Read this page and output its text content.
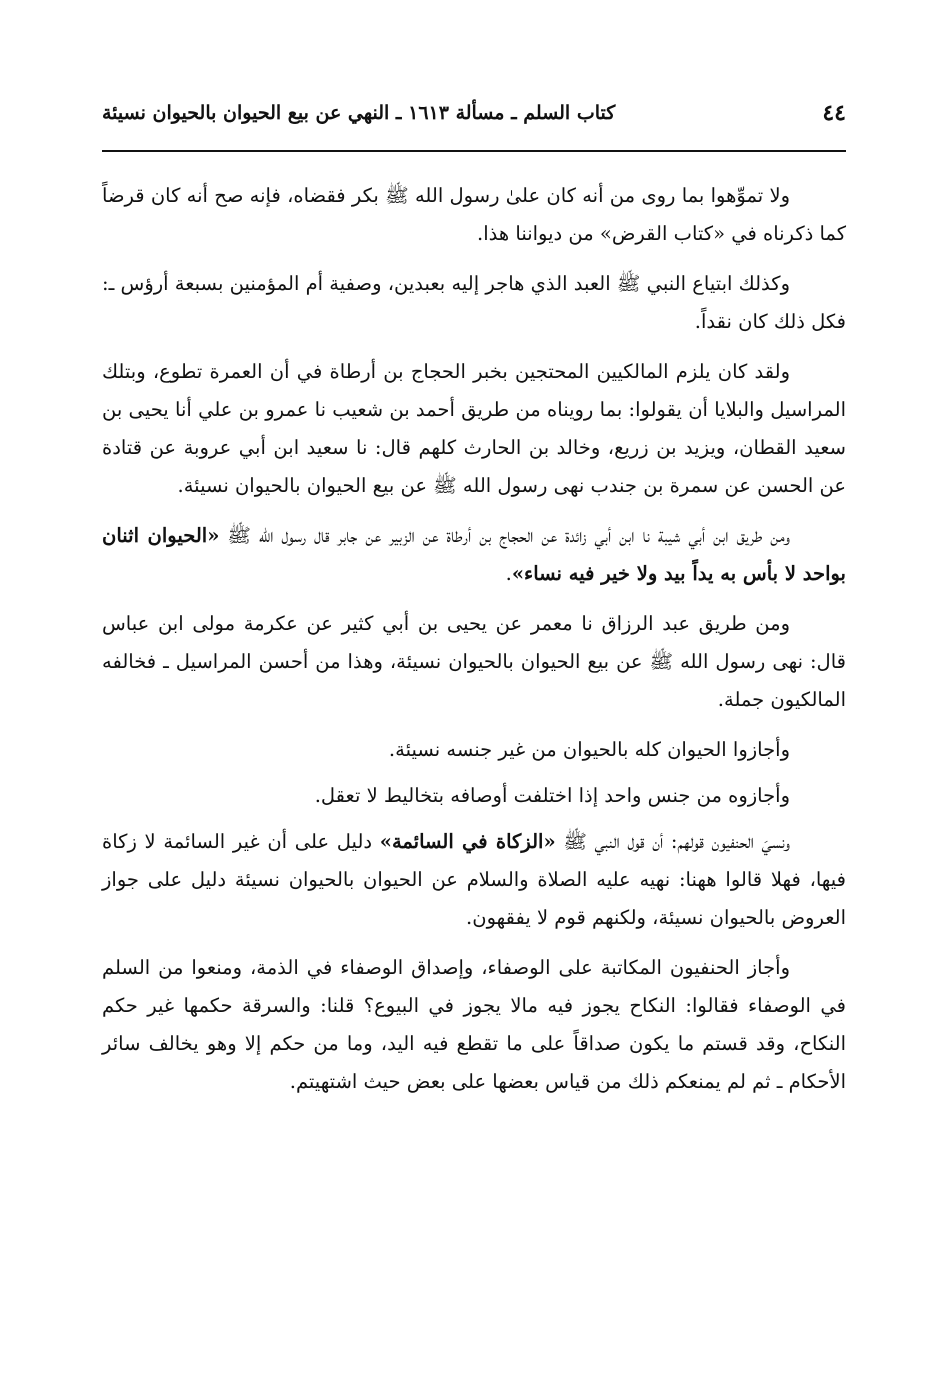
٤٤
كتاب السلم ـ مسألة ١٦١٣ ـ النهي عن بيع الحيوان بالحيوان نسيئة

ولا تموِّهوا بما روى من أنه كان علىٰ رسول الله ﷺ بكر فقضاه، فإنه صح أنه كان قرضاً كما ذكرناه في «كتاب القرض» من ديواننا هذا.

وكذلك ابتياع النبي ﷺ العبد الذي هاجر إليه بعبدين، وصفية أم المؤمنين بسبعة أرؤس ـ: فكل ذلك كان نقداً.

ولقد كان يلزم المالكيين المحتجين بخبر الحجاج بن أرطاة في أن العمرة تطوع، وبتلك المراسيل والبلايا أن يقولوا: بما رويناه من طريق أحمد بن شعيب نا عمرو بن علي أنا يحيى بن سعيد القطان، ويزيد بن زريع، وخالد بن الحارث كلهم قال: نا سعيد ابن أبي عروبة عن قتادة عن الحسن عن سمرة بن جندب نهى رسول الله ﷺ عن بيع الحيوان بالحيوان نسيئة.

ومن طريق ابن أبي شيبة نا ابن أبي زائدة عن الحجاج بن أرطاة عن الزبير عن جابر قال رسول الله ﷺ «الحيوان اثنان بواحد لا بأس به يداً بيد ولا خير فيه نساء».

ومن طريق عبد الرزاق نا معمر عن يحيى بن أبي كثير عن عكرمة مولى ابن عباس قال: نهى رسول الله ﷺ عن بيع الحيوان بالحيوان نسيئة، وهذا من أحسن المراسيل ـ فخالفه المالكيون جملة.

وأجازوا الحيوان كله بالحيوان من غير جنسه نسيئة.

وأجازوه من جنس واحد إذا اختلفت أوصافه بتخاليط لا تعقل.

ونسيَ الحنفيون قولهم: أن قول النبي ﷺ «الزكاة في السائمة» دليل على أن غير السائمة لا زكاة فيها، فهلا قالوا ههنا: نهيه عليه الصلاة والسلام عن الحيوان بالحيوان نسيئة دليل على جواز العروض بالحيوان نسيئة، ولكنهم قوم لا يفقهون.

وأجاز الحنفيون المكاتبة على الوصفاء، وإصداق الوصفاء في الذمة، ومنعوا من السلم في الوصفاء فقالوا: النكاح يجوز فيه مالا يجوز في البيوع؟ قلنا: والسرقة حكمها غير حكم النكاح، وقد قستم ما يكون صداقاً على ما تقطع فيه اليد، وما من حكم إلا وهو يخالف سائر الأحكام ـ ثم لم يمنعكم ذلك من قياس بعضها على بعض حيث اشتهيتم.
